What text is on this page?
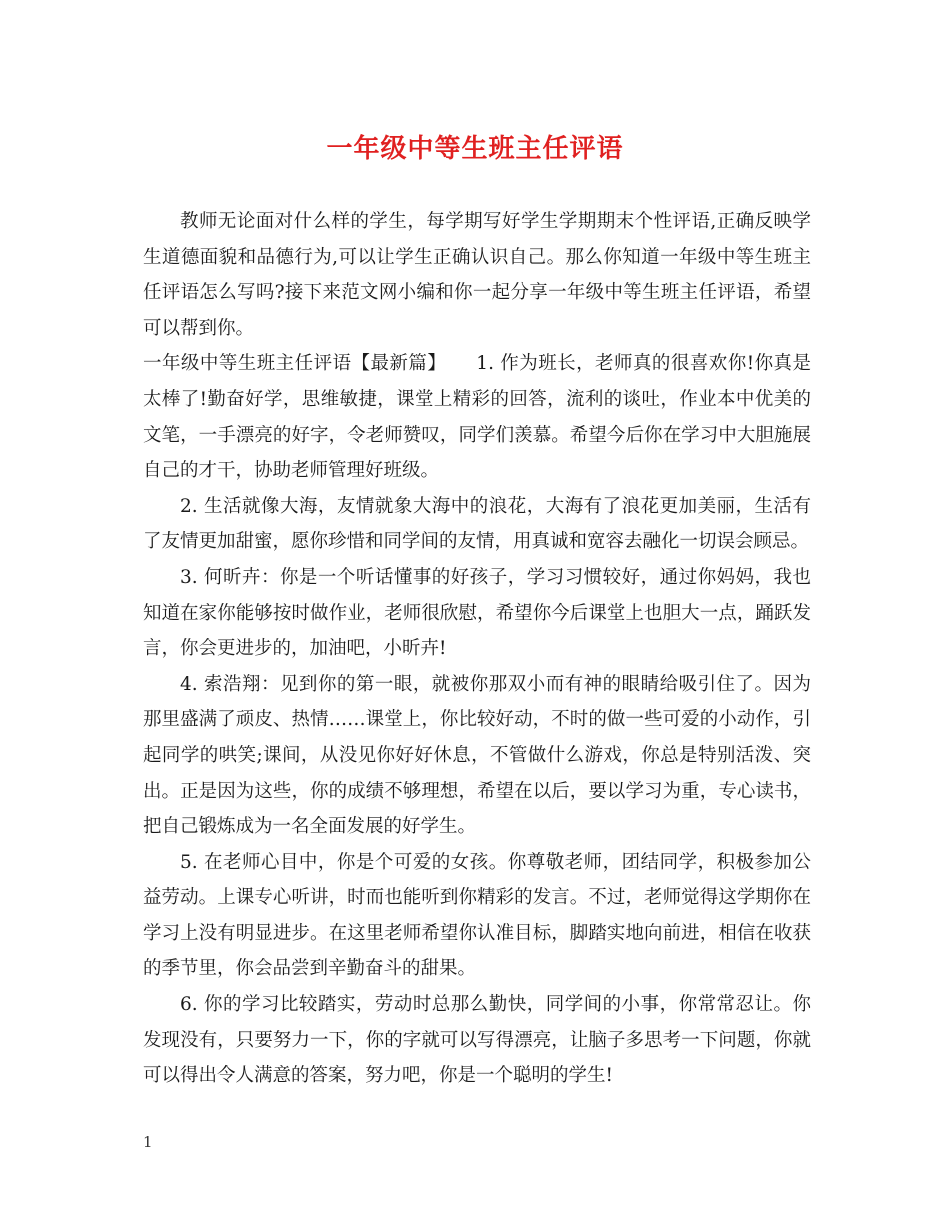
一年级中等生班主任评语

教师无论面对什么样的学生，每学期写好学生学期期末个性评语,正确反映学生道德面貌和品德行为,可以让学生正确认识自己。那么你知道一年级中等生班主任评语怎么写吗?接下来范文网小编和你一起分享一年级中等生班主任评语，希望可以帮到你。

一年级中等生班主任评语【最新篇】 1. 作为班长，老师真的很喜欢你!你真是太棒了!勤奋好学，思维敏捷，课堂上精彩的回答，流利的谈吐，作业本中优美的文笔，一手漂亮的好字，令老师赞叹，同学们羡慕。希望今后你在学习中大胆施展自己的才干，协助老师管理好班级。

2. 生活就像大海，友情就象大海中的浪花，大海有了浪花更加美丽，生活有了友情更加甜蜜，愿你珍惜和同学间的友情，用真诚和宽容去融化一切误会顾忌。

3. 何昕卉：你是一个听话懂事的好孩子，学习习惯较好，通过你妈妈，我也知道在家你能够按时做作业，老师很欣慰，希望你今后课堂上也胆大一点，踊跃发言，你会更进步的，加油吧，小昕卉!

4. 索浩翔：见到你的第一眼，就被你那双小而有神的眼睛给吸引住了。因为那里盛满了顽皮、热情……课堂上，你比较好动，不时的做一些可爱的小动作，引起同学的哄笑;课间，从没见你好好休息，不管做什么游戏，你总是特别活泼、突出。正是因为这些，你的成绩不够理想，希望在以后，要以学习为重，专心读书，把自己锻炼成为一名全面发展的好学生。

5. 在老师心目中，你是个可爱的女孩。你尊敬老师，团结同学，积极参加公益劳动。上课专心听讲，时而也能听到你精彩的发言。不过，老师觉得这学期你在学习上没有明显进步。在这里老师希望你认准目标，脚踏实地向前进，相信在收获的季节里，你会品尝到辛勤奋斗的甜果。

6. 你的学习比较踏实，劳动时总那么勤快，同学间的小事，你常常忍让。你发现没有，只要努力一下，你的字就可以写得漂亮，让脑子多思考一下问题，你就可以得出令人满意的答案，努力吧，你是一个聪明的学生!

1
